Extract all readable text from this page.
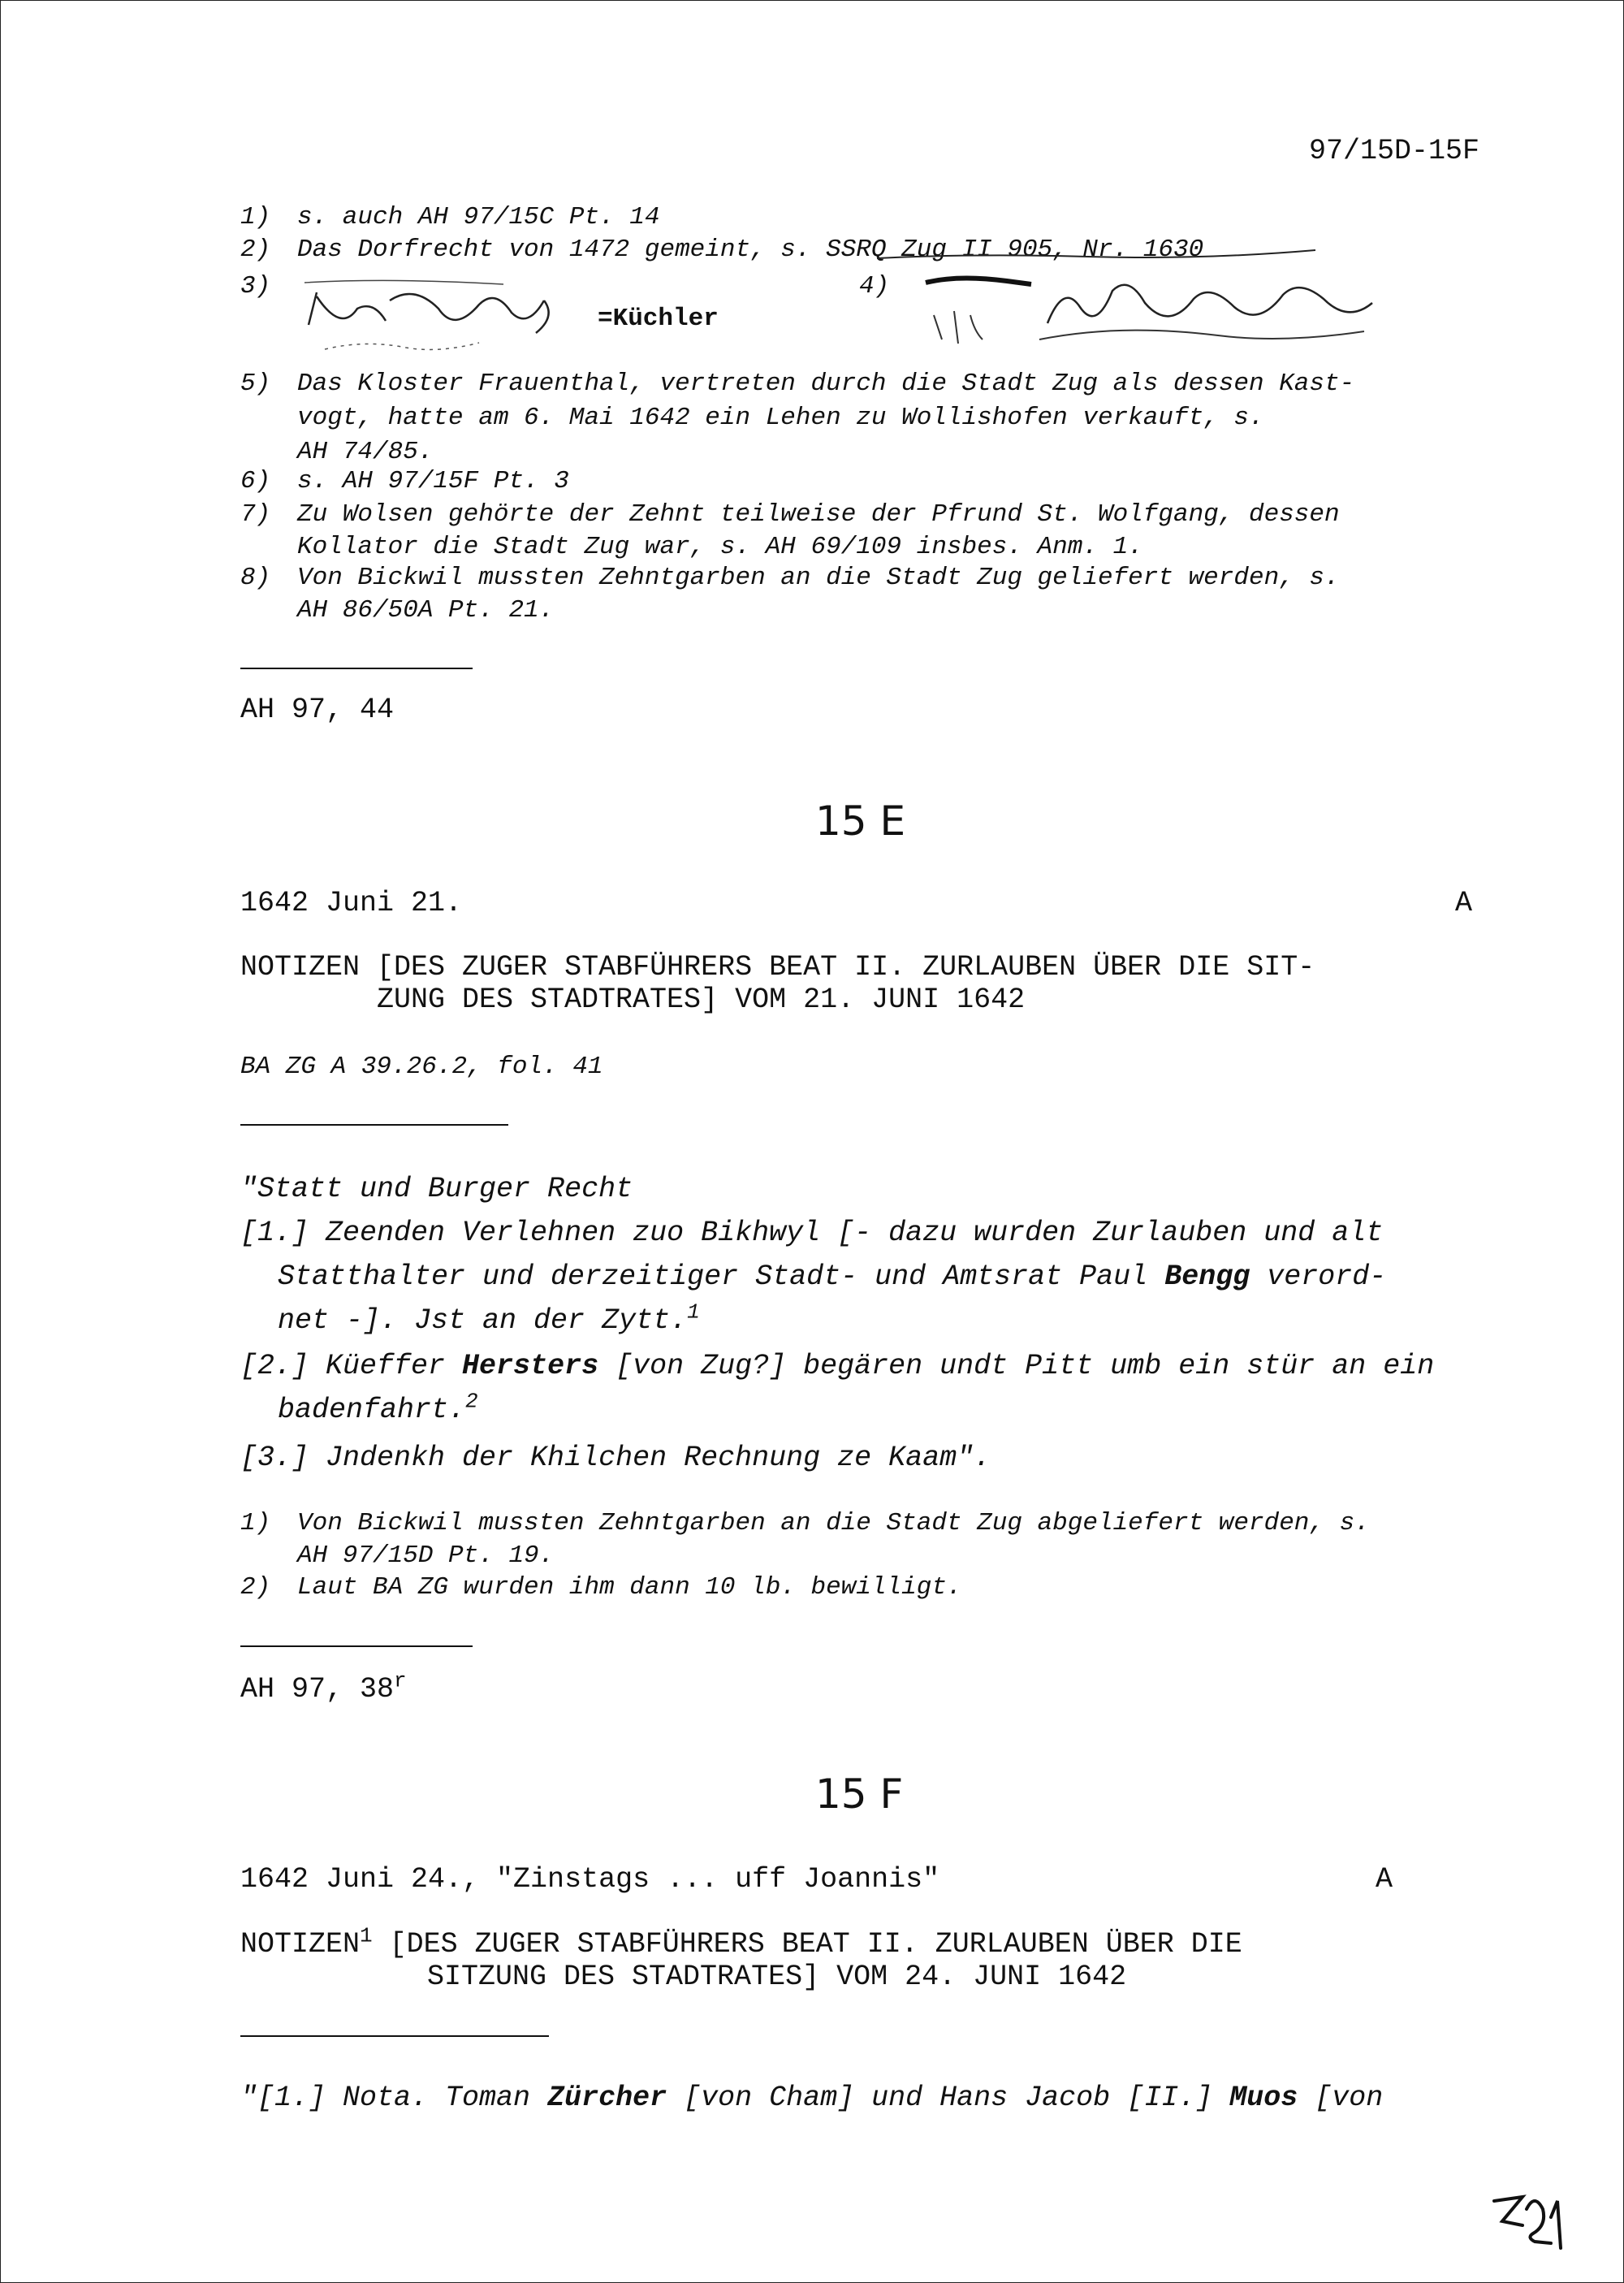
97/15D-15F
1) s. auch AH 97/15C Pt. 14
2) Das Dorfrecht von 1472 gemeint, s. SSRQ Zug II 905, Nr. 1630
3)
=Küchler
4)
5) Das Kloster Frauenthal, vertreten durch die Stadt Zug als dessen Kast-
vogt, hatte am 6. Mai 1642 ein Lehen zu Wollishofen verkauft, s.
AH 74/85.
6) s. AH 97/15F Pt. 3
7) Zu Wolsen gehörte der Zehnt teilweise der Pfrund St. Wolfgang, dessen
Kollator die Stadt Zug war, s. AH 69/109 insbes. Anm. 1.
8) Von Bickwil mussten Zehntgarben an die Stadt Zug geliefert werden, s.
AH 86/50A Pt. 21.
AH 97, 44
15 E
1642 Juni 21.	A
NOTIZEN [DES ZUGER STABFÜHRERS BEAT II. ZURLAUBEN ÜBER DIE SIT-
ZUNG DES STADTRATES] VOM 21. JUNI 1642
BA ZG A 39.26.2, fol. 41
"Statt und Burger Recht
[1.] Zeenden Verlehnen zuo Bikhwyl [- dazu wurden Zurlauben und alt
Statthalter und derzeitiger Stadt- und Amtsrat Paul Bengg verord-
net -]. Jst an der Zytt.$^1$
[2.] Küeffer Hersters [von Zug?] begären undt Pitt umb ein stür an ein
badenfahrt.$^2$
[3.] Jndenkh der Khilchen Rechnung ze Kaam".
1) Von Bickwil mussten Zehntgarben an die Stadt Zug abgeliefert werden, s.
AH 97/15D Pt. 19.
2) Laut BA ZG wurden ihm dann 10 lb. bewilligt.
AH 97, 38$^r$
15 F
1642 Juni 24., "Zinstags ... uff Joannis"	A
NOTIZEN$^1$ [DES ZUGER STABFÜHRERS BEAT II. ZURLAUBEN ÜBER DIE
SITZUNG DES STADTRATES] VOM 24. JUNI 1642
"[1.] Nota. Toman Zürcher [von Cham] und Hans Jacob [II.] Muos [von
